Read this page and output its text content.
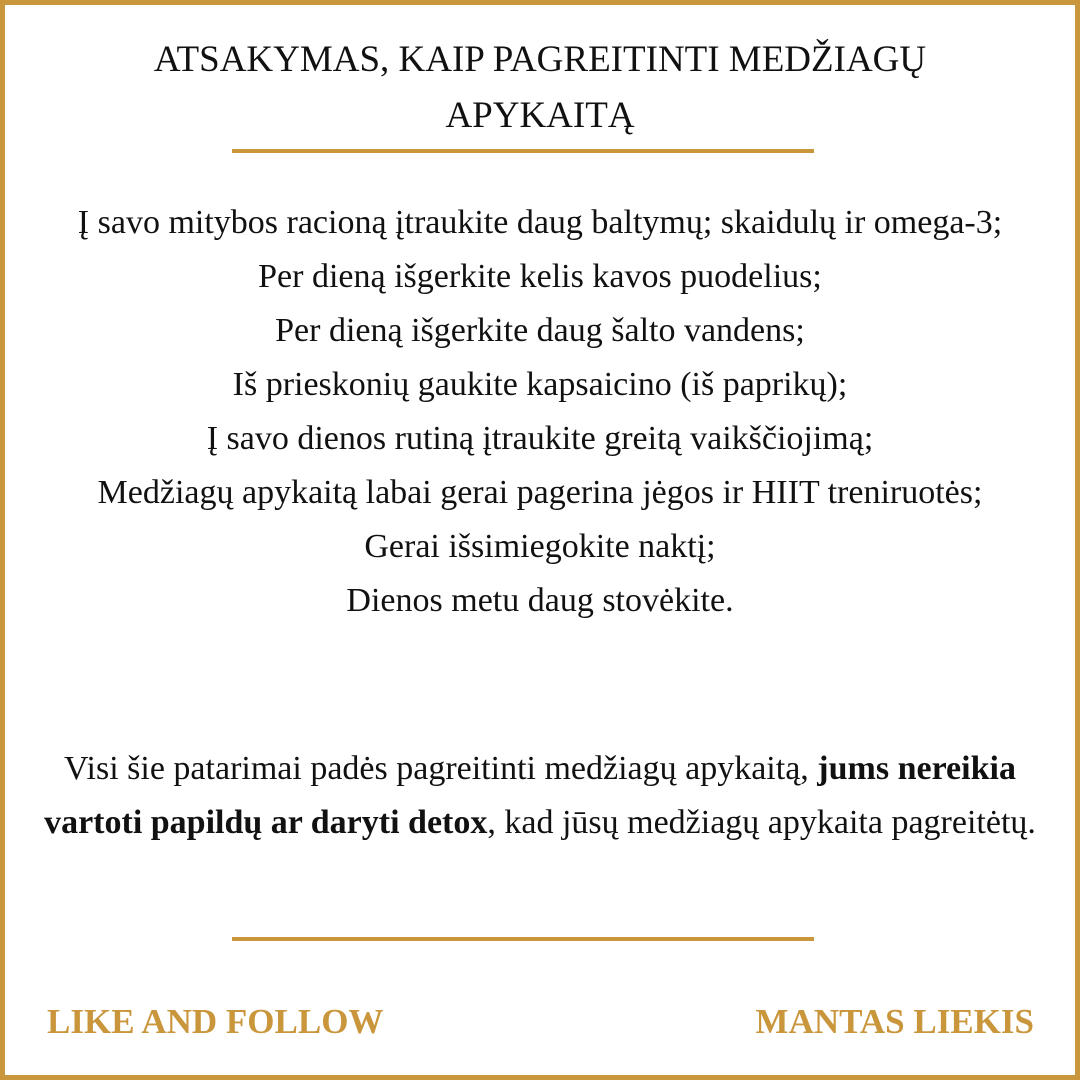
ATSAKYMAS, KAIP PAGREITINTI MEDŽIAGŲ APYKAITĄ
Į savo mitybos racioną įtraukite daug baltymų; skaidulų ir omega-3;
Per dieną išgerkite kelis kavos puodelius;
Per dieną išgerkite daug šalto vandens;
Iš prieskonių gaukite kapsaicino (iš paprikų);
Į savo dienos rutiną įtraukite greitą vaikščiojimą;
Medžiagų apykaitą labai gerai pagerina jėgos ir HIIT treniruotės;
Gerai išsimiegokite naktį;
Dienos metu daug stovėkite.
Visi šie patarimai padės pagreitinti medžiagų apykaitą, jums nereikia vartoti papildų ar daryti detox, kad jūsų medžiagų apykaita pagreitėtų.
LIKE AND FOLLOW	MANTAS LIEKIS
